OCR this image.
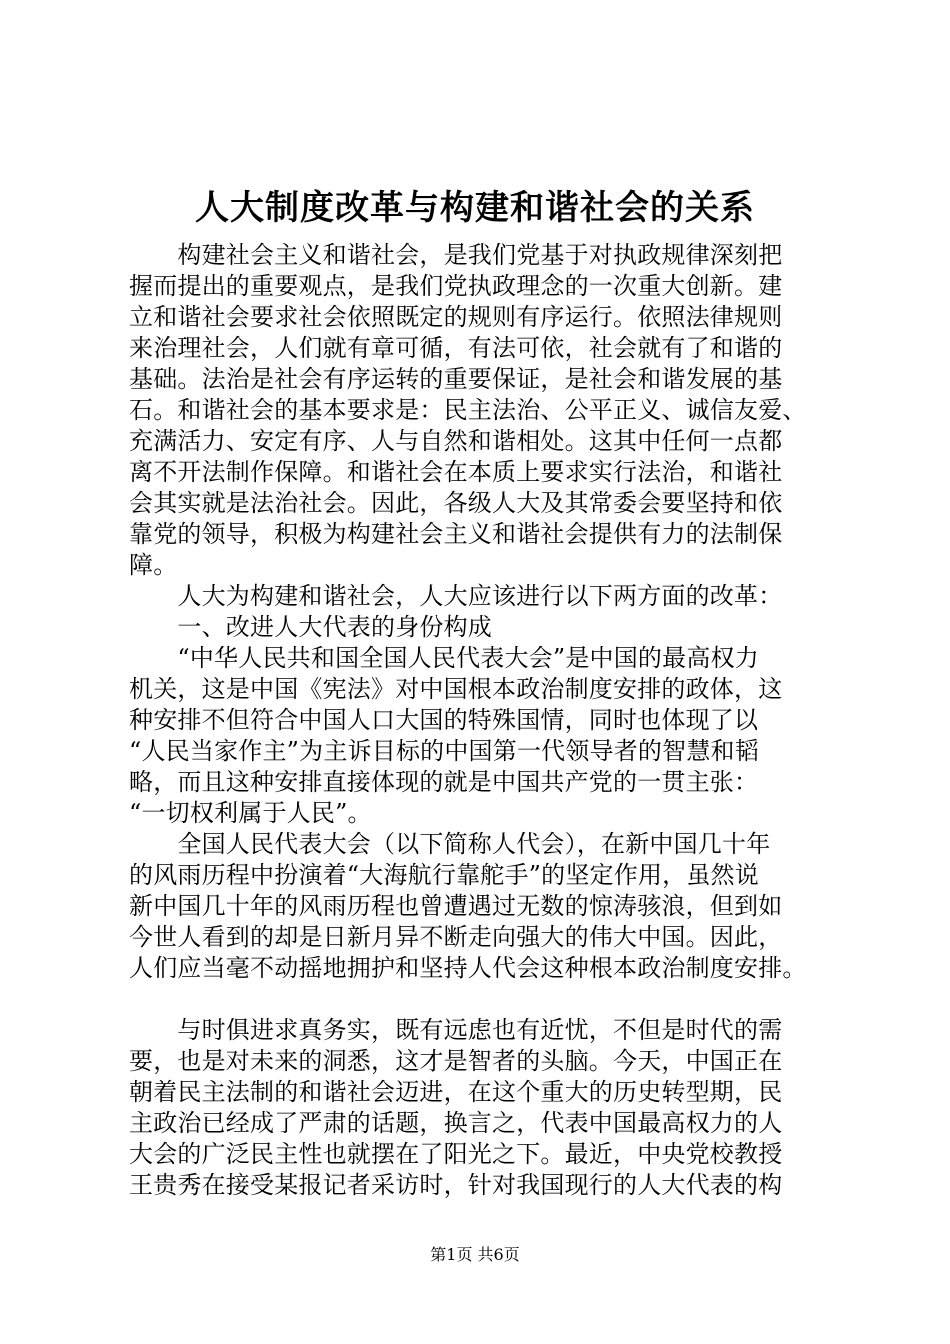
人大制度改革与构建和谐社会的关系
　　构建社会主义和谐社会，是我们党基于对执政规律深刻把
握而提出的重要观点，是我们党执政理念的一次重大创新。建
立和谐社会要求社会依照既定的规则有序运行。依照法律规则
来治理社会，人们就有章可循，有法可依，社会就有了和谐的
基础。法治是社会有序运转的重要保证，是社会和谐发展的基
石。和谐社会的基本要求是：民主法治、公平正义、诚信友爱、
充满活力、安定有序、人与自然和谐相处。这其中任何一点都
离不开法制作保障。和谐社会在本质上要求实行法治，和谐社
会其实就是法治社会。因此，各级人大及其常委会要坚持和依
靠党的领导，积极为构建社会主义和谐社会提供有力的法制保
障。
　　人大为构建和谐社会，人大应该进行以下两方面的改革：
　　一、改进人大代表的身份构成
　　“中华人民共和国全国人民代表大会”是中国的最高权力
机关，这是中国《宪法》对中国根本政治制度安排的政体，这
种安排不但符合中国人口大国的特殊国情，同时也体现了以
“人民当家作主”为主诉目标的中国第一代领导者的智慧和韬
略，而且这种安排直接体现的就是中国共产党的一贯主张：
“一切权利属于人民”。
　　全国人民代表大会（以下简称人代会），在新中国几十年
的风雨历程中扮演着“大海航行靠舵手”的坚定作用，虽然说
新中国几十年的风雨历程也曾遭遇过无数的惊涛骇浪，但到如
今世人看到的却是日新月异不断走向强大的伟大中国。因此，
人们应当毫不动摇地拥护和坚持人代会这种根本政治制度安排。
　　与时俱进求真务实，既有远虑也有近忧，不但是时代的需
要，也是对未来的洞悉，这才是智者的头脑。今天，中国正在
朝着民主法制的和谐社会迈进，在这个重大的历史转型期，民
主政治已经成了严肃的话题，换言之，代表中国最高权力的人
大会的广泛民主性也就摆在了阳光之下。最近，中央党校教授
王贵秀在接受某报记者采访时，针对我国现行的人大代表的构
第1页 共6页
